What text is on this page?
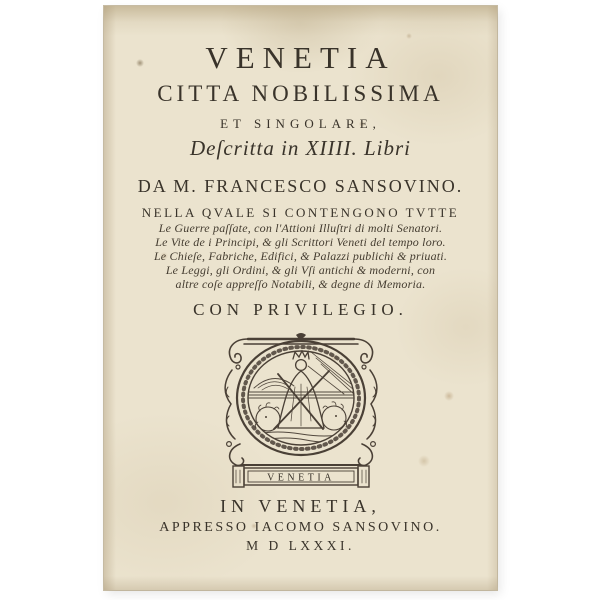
VENETIA
CITTA NOBILISSIMA
ET SINGOLARE,
Deſcritta in XIIII. Libri
DA M. FRANCESCO SANSOVINO.
NELLA QVALE SI CONTENGONO TVTTE
Le Guerre paſſate, con l'Attioni Illuſtri di molti Senatori.
Le Vite de i Principi, & gli Scrittori Veneti del tempo loro.
Le Chieſe, Fabriche, Edifici, & Palazzi publichi & priuati.
Le Leggi, gli Ordini, & gli Vſi antichi & moderni, con
altre coſe appreſſo Notabili, & degne di Memoria.
CON PRIVILEGIO.
VENETIA
IN VENETIA,
APPRESSO IACOMO SANSOVINO.
M D LXXXI.
